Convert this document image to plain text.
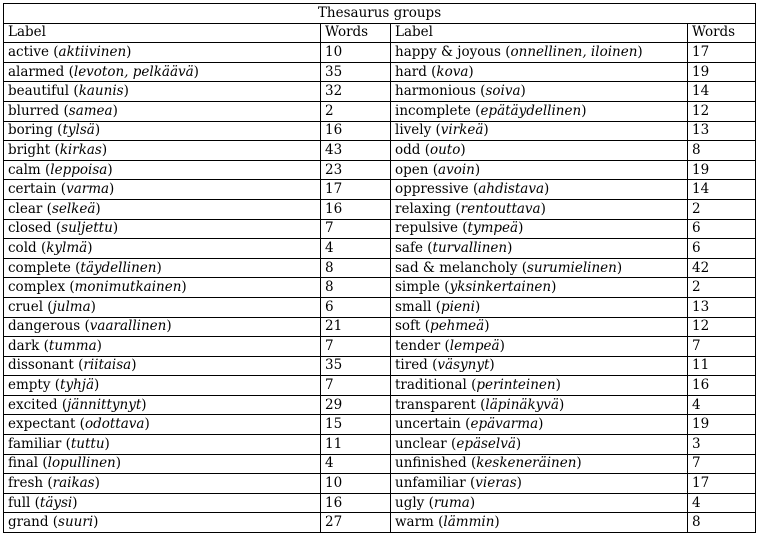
Thesaurus groups			
Label	Words	Label	Words
active (aktiivinen)	10	happy & joyous (onnellinen, iloinen)	17
alarmed (levoton, pelkäävä)	35	hard (kova)	19
beautiful (kaunis)	32	harmonious (soiva)	14
blurred (samea)	2	incomplete (epätäydellinen)	12
boring (tylsä)	16	lively (virkeä)	13
bright (kirkas)	43	odd (outo)	8
calm (leppoisa)	23	open (avoin)	19
certain (varma)	17	oppressive (ahdistava)	14
clear (selkeä)	16	relaxing (rentouttava)	2
closed (suljettu)	7	repulsive (tympeä)	6
cold (kylmä)	4	safe (turvallinen)	6
complete (täydellinen)	8	sad & melancholy (surumielinen)	42
complex (monimutkainen)	8	simple (yksinkertainen)	2
cruel (julma)	6	small (pieni)	13
dangerous (vaarallinen)	21	soft (pehmeä)	12
dark (tumma)	7	tender (lempeä)	7
dissonant (riitaisa)	35	tired (väsynyt)	11
empty (tyhjä)	7	traditional (perinteinen)	16
excited (jännittynyt)	29	transparent (läpinäkyvä)	4
expectant (odottava)	15	uncertain (epävarma)	19
familiar (tuttu)	11	unclear (epäselvä)	3
final (lopullinen)	4	unfinished (keskeneräinen)	7
fresh (raikas)	10	unfamiliar (vieras)	17
full (täysi)	16	ugly (ruma)	4
grand (suuri)	27	warm (lämmin)	8
